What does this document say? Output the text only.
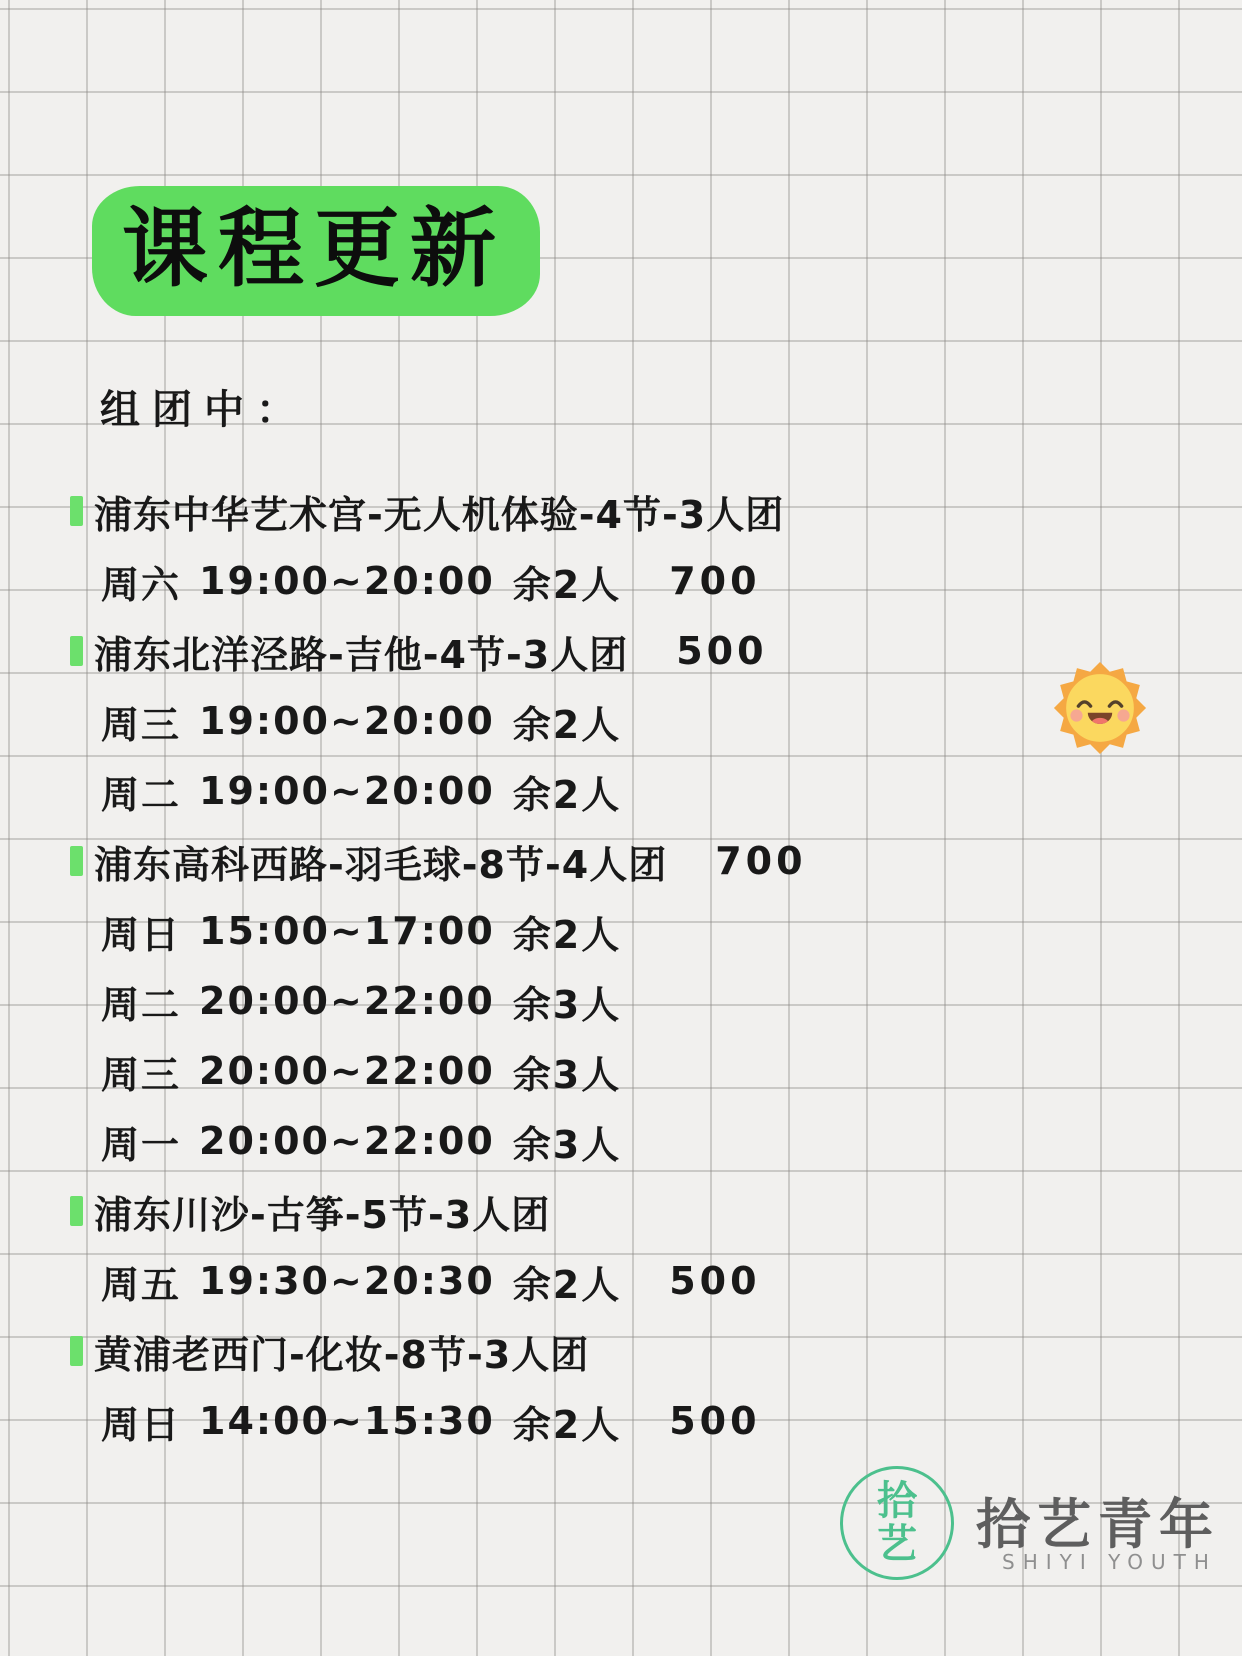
课程更新
组团中：
浦东中华艺术宫-无人机体验-4节-3人团
周六 19:00~20:00 余2人 700
浦东北洋泾路-吉他-4节-3人团 500
周三 19:00~20:00 余2人
周二 19:00~20:00 余2人
浦东高科西路-羽毛球-8节-4人团 700
周日 15:00~17:00 余2人
周二 20:00~22:00 余3人
周三 20:00~22:00 余3人
周一 20:00~22:00 余3人
浦东川沙-古筝-5节-3人团
周五 19:30~20:30 余2人 500
黄浦老西门-化妆-8节-3人团
周日 14:00~15:30 余2人 500
拾
艺 拾艺青年
SHIYI YOUTH
